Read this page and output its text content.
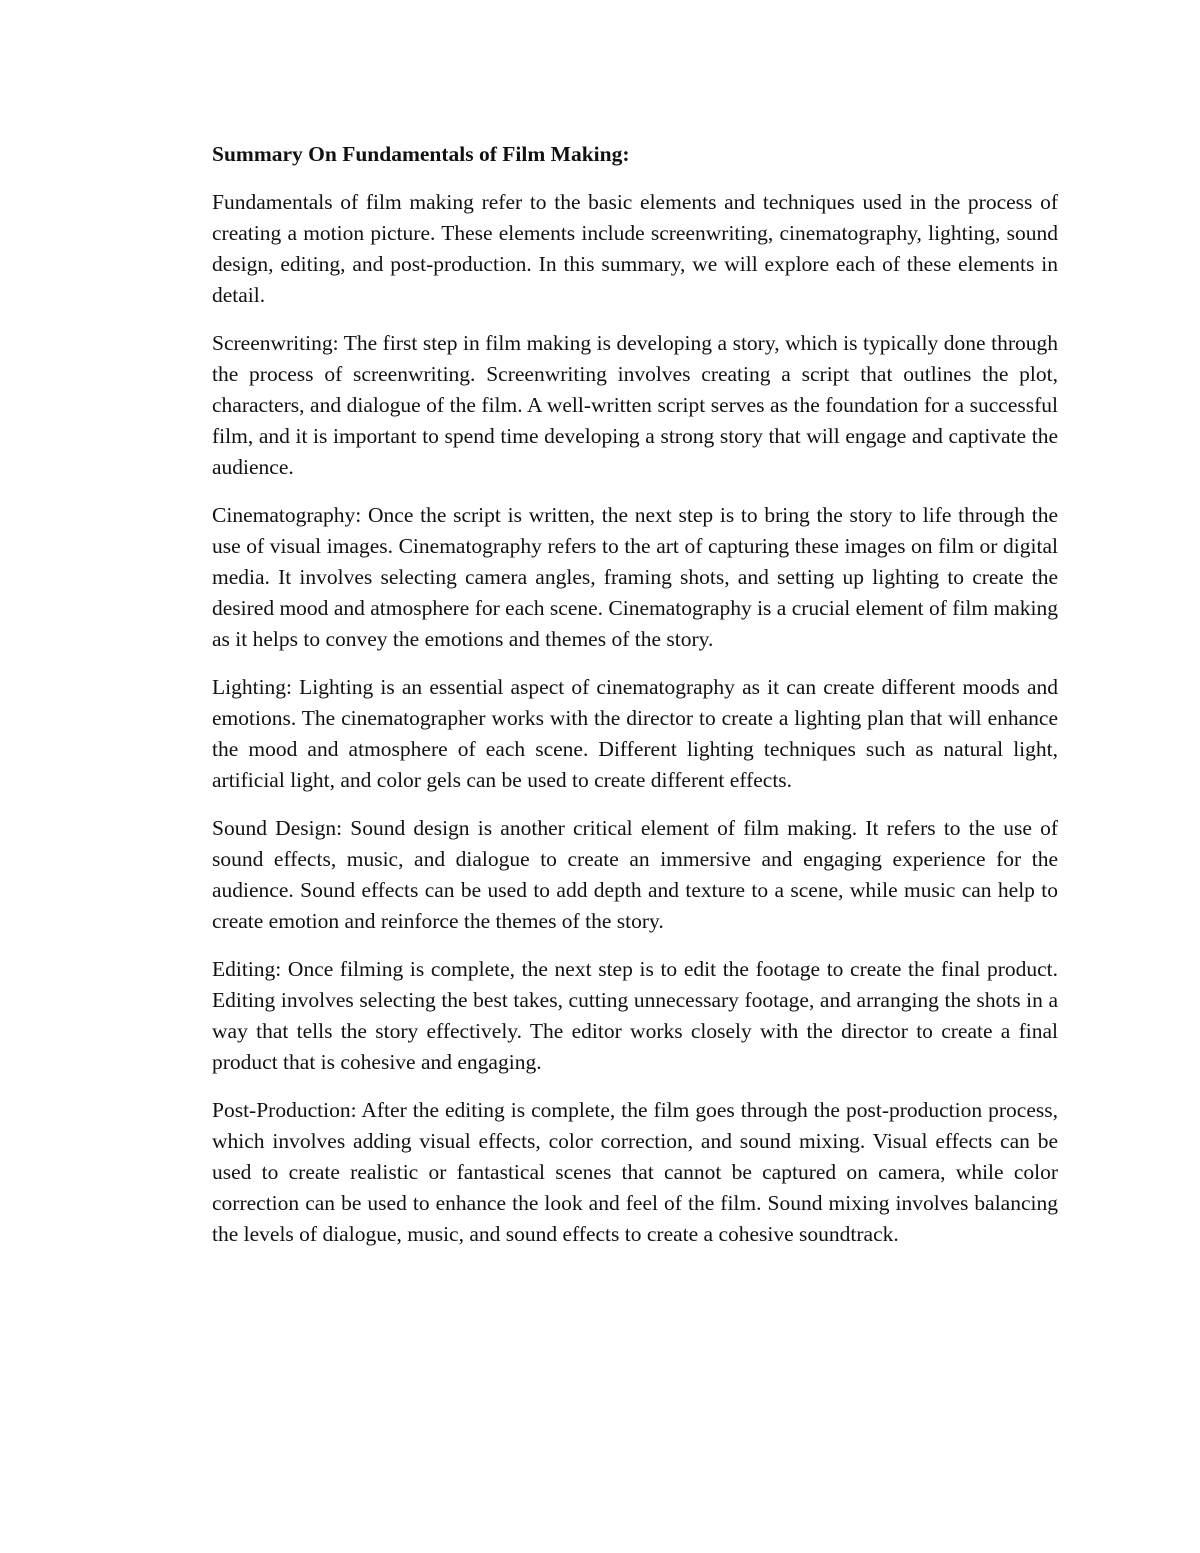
Summary On Fundamentals of Film Making:

Fundamentals of film making refer to the basic elements and techniques used in the process of creating a motion picture. These elements include screenwriting, cinematography, lighting, sound design, editing, and post-production. In this summary, we will explore each of these elements in detail.

Screenwriting: The first step in film making is developing a story, which is typically done through the process of screenwriting. Screenwriting involves creating a script that outlines the plot, characters, and dialogue of the film. A well-written script serves as the foundation for a successful film, and it is important to spend time developing a strong story that will engage and captivate the audience.

Cinematography: Once the script is written, the next step is to bring the story to life through the use of visual images. Cinematography refers to the art of capturing these images on film or digital media. It involves selecting camera angles, framing shots, and setting up lighting to create the desired mood and atmosphere for each scene. Cinematography is a crucial element of film making as it helps to convey the emotions and themes of the story.

Lighting: Lighting is an essential aspect of cinematography as it can create different moods and emotions. The cinematographer works with the director to create a lighting plan that will enhance the mood and atmosphere of each scene. Different lighting techniques such as natural light, artificial light, and color gels can be used to create different effects.

Sound Design: Sound design is another critical element of film making. It refers to the use of sound effects, music, and dialogue to create an immersive and engaging experience for the audience. Sound effects can be used to add depth and texture to a scene, while music can help to create emotion and reinforce the themes of the story.

Editing: Once filming is complete, the next step is to edit the footage to create the final product. Editing involves selecting the best takes, cutting unnecessary footage, and arranging the shots in a way that tells the story effectively. The editor works closely with the director to create a final product that is cohesive and engaging.

Post-Production: After the editing is complete, the film goes through the post-production process, which involves adding visual effects, color correction, and sound mixing. Visual effects can be used to create realistic or fantastical scenes that cannot be captured on camera, while color correction can be used to enhance the look and feel of the film. Sound mixing involves balancing the levels of dialogue, music, and sound effects to create a cohesive soundtrack.
